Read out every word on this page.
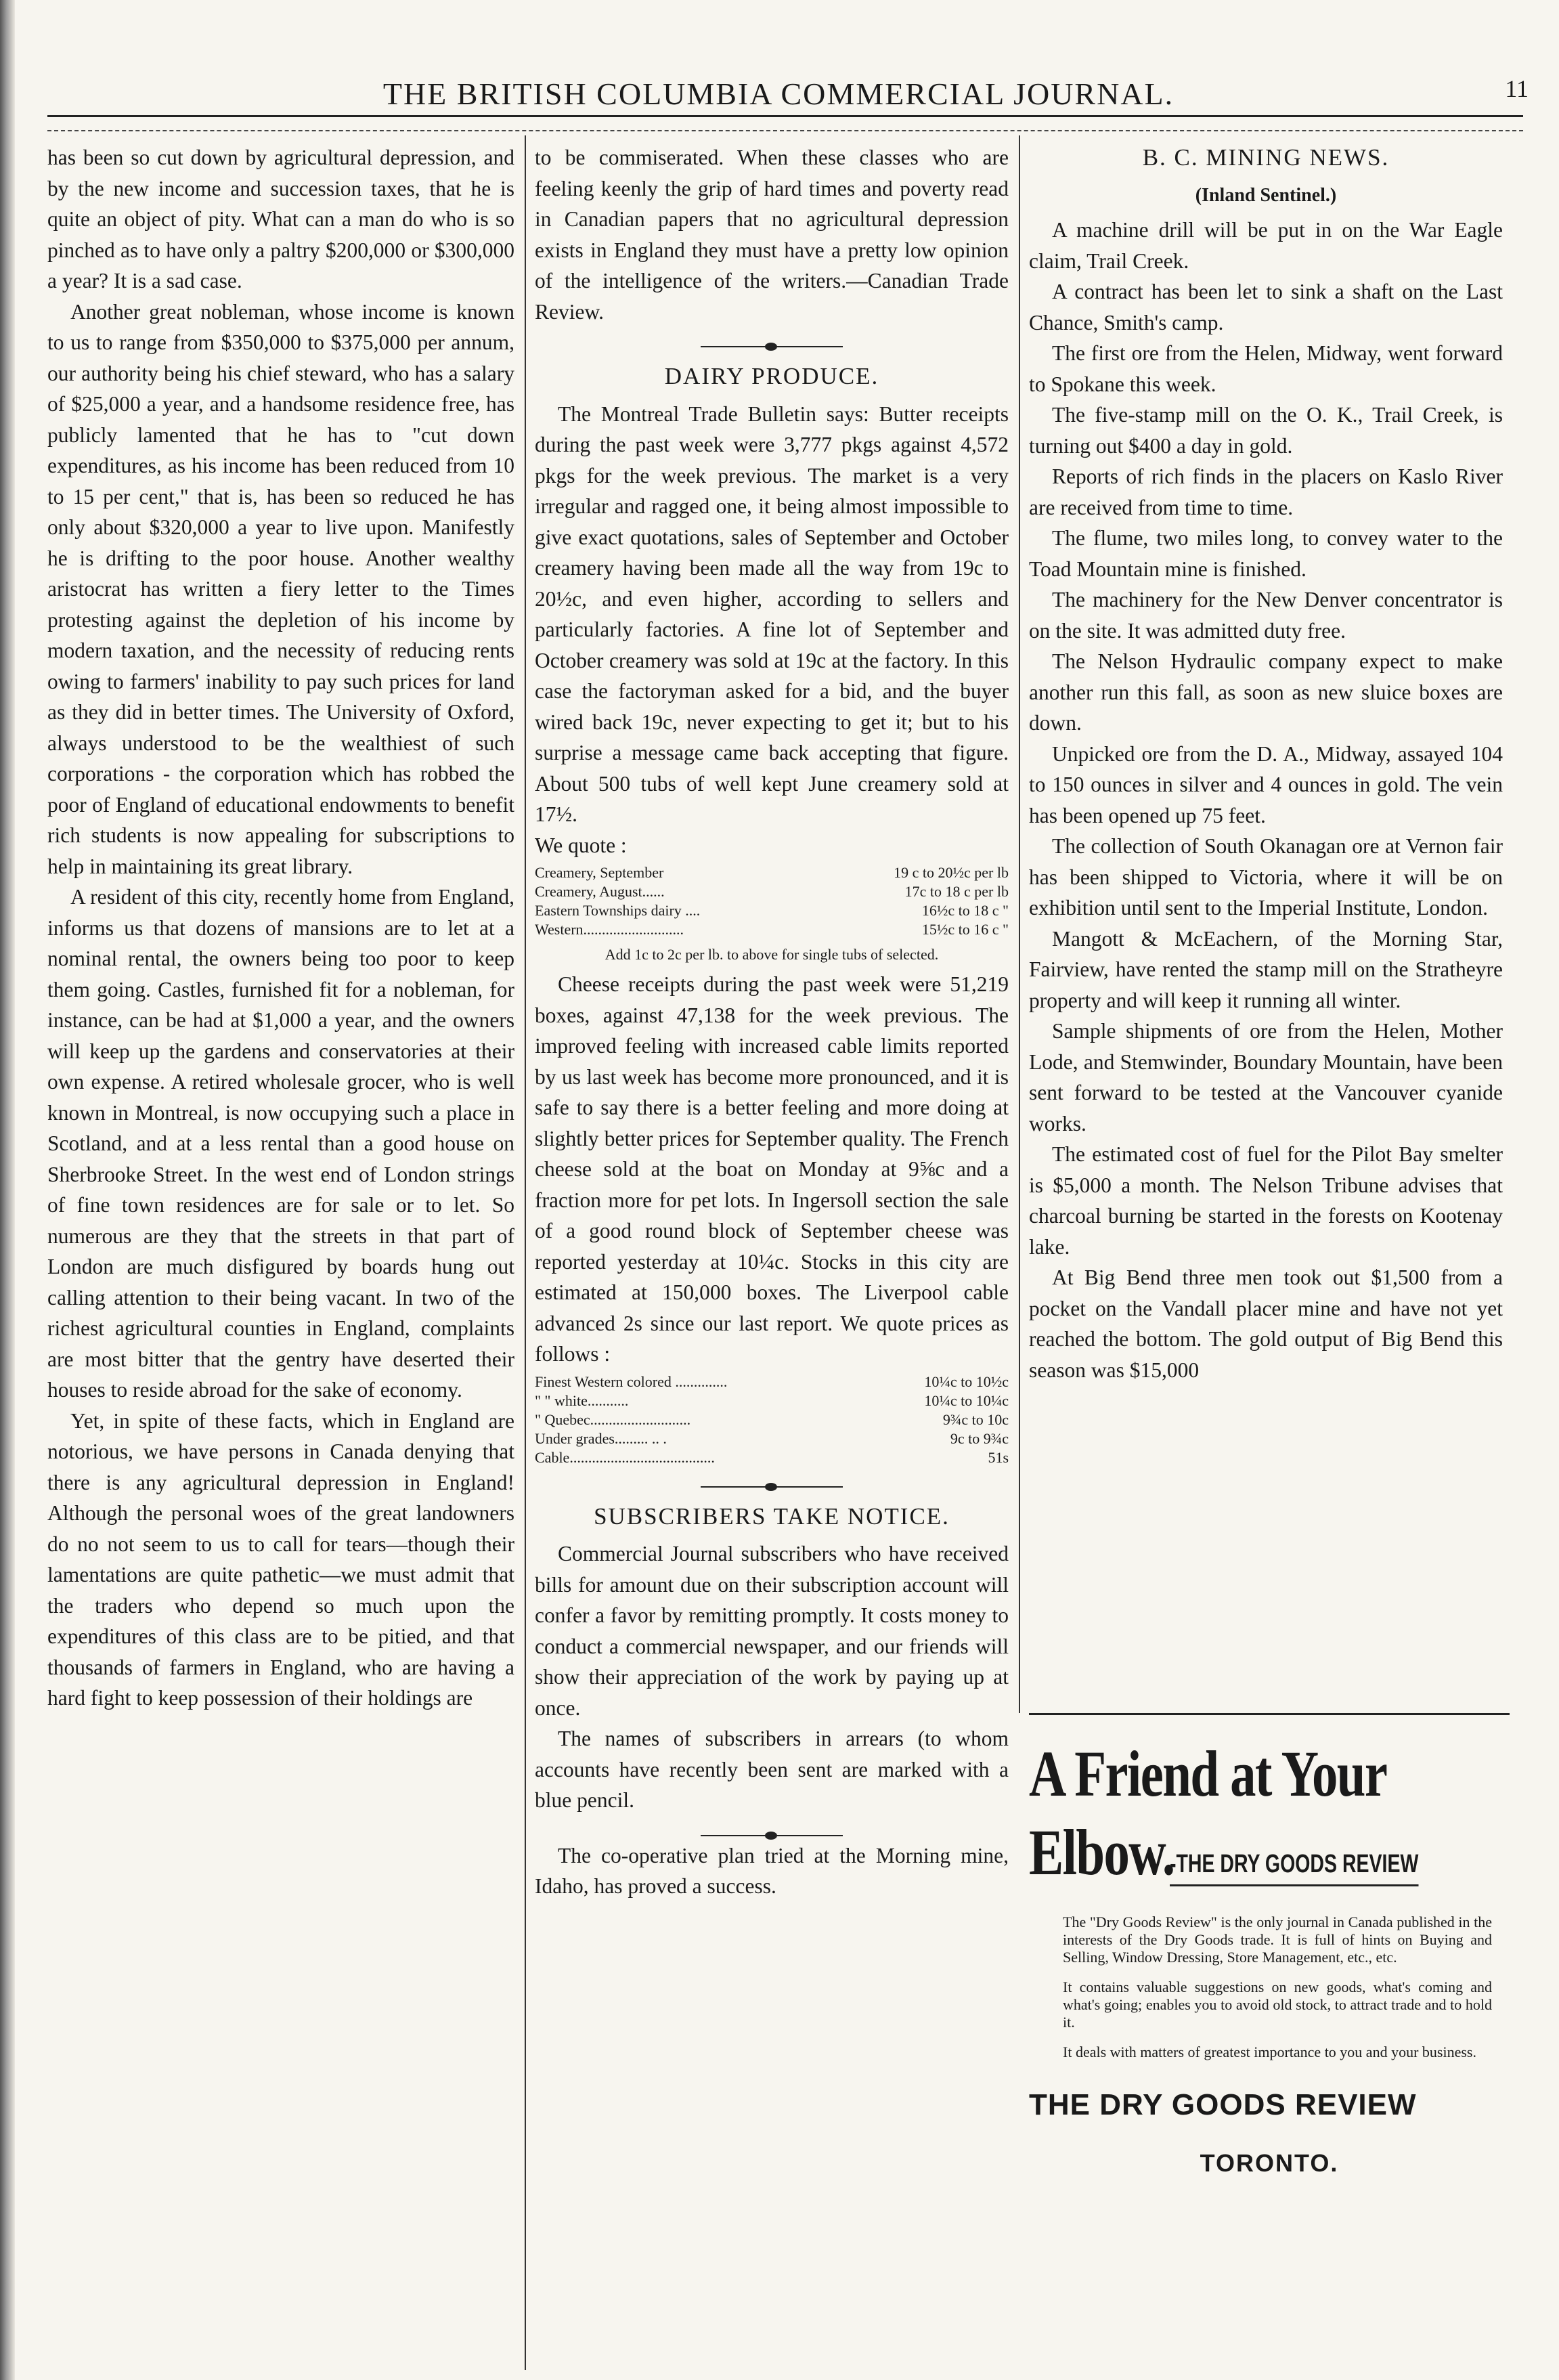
THE BRITISH COLUMBIA COMMERCIAL JOURNAL.	11

has been so cut down by agricultural depression, and by the new income and succession taxes, that he is quite an object of pity. What can a man do who is so pinched as to have only a paltry $200,000 or $300,000 a year? It is a sad case.

Another great nobleman, whose income is known to us to range from $350,000 to $375,000 per annum, our authority being his chief steward, who has a salary of $25,000 a year, and a handsome residence free, has publicly lamented that he has to "cut down expenditures, as his income has been reduced from 10 to 15 per cent," that is, has been so reduced he has only about $320,000 a year to live upon. Manifestly he is drifting to the poor house. Another wealthy aristocrat has written a fiery letter to the Times protesting against the depletion of his income by modern taxation, and the necessity of reducing rents owing to farmers' inability to pay such prices for land as they did in better times. The University of Oxford, always understood to be the wealthiest of such corporations - the corporation which has robbed the poor of England of educational endowments to benefit rich students is now appealing for subscriptions to help in maintaining its great library.

A resident of this city, recently home from England, informs us that dozens of mansions are to let at a nominal rental, the owners being too poor to keep them going. Castles, furnished fit for a nobleman, for instance, can be had at $1,000 a year, and the owners will keep up the gardens and conservatories at their own expense. A retired wholesale grocer, who is well known in Montreal, is now occupying such a place in Scotland, and at a less rental than a good house on Sherbrooke Street. In the west end of London strings of fine town residences are for sale or to let. So numerous are they that the streets in that part of London are much disfigured by boards hung out calling attention to their being vacant. In two of the richest agricultural counties in England, complaints are most bitter that the gentry have deserted their houses to reside abroad for the sake of economy.

Yet, in spite of these facts, which in England are notorious, we have persons in Canada denying that there is any agricultural depression in England! Although the personal woes of the great landowners do no not seem to us to call for tears—though their lamentations are quite pathetic—we must admit that the traders who depend so much upon the expenditures of this class are to be pitied, and that thousands of farmers in England, who are having a hard fight to keep possession of their holdings are

to be commiserated. When these classes who are feeling keenly the grip of hard times and poverty read in Canadian papers that no agricultural depression exists in England they must have a pretty low opinion of the intelligence of the writers.—Canadian Trade Review.

DAIRY PRODUCE.

The Montreal Trade Bulletin says: Butter receipts during the past week were 3,777 pkgs against 4,572 pkgs for the week previous. The market is a very irregular and ragged one, it being almost impossible to give exact quotations, sales of September and October creamery having been made all the way from 19c to 20½c, and even higher, according to sellers and particularly factories. A fine lot of September and October creamery was sold at 19c at the factory. In this case the factoryman asked for a bid, and the buyer wired back 19c, never expecting to get it; but to his surprise a message came back accepting that figure. About 500 tubs of well kept June creamery sold at 17½.

We quote :

Creamery, September	19 c to 20½c per lb
Creamery, August......	17c to 18 c per lb
Eastern Townships dairy ....	16½c to 18 c "
Western...........................	15½c to 16 c "
Add 1c to 2c per lb. to above for single tubs of selected.

Cheese receipts during the past week were 51,219 boxes, against 47,138 for the week previous. The improved feeling with increased cable limits reported by us last week has become more pronounced, and it is safe to say there is a better feeling and more doing at slightly better prices for September quality. The French cheese sold at the boat on Monday at 9⅝c and a fraction more for pet lots. In Ingersoll section the sale of a good round block of September cheese was reported yesterday at 10¼c. Stocks in this city are estimated at 150,000 boxes. The Liverpool cable advanced 2s since our last report. We quote prices as follows :

Finest Western colored ..............	10¼c to 10½c
" " white...........	10¼c to 10¼c
" Quebec...........................	9¾c to 10c
Under grades......... .. .	9c to 9¾c
Cable.......................................	51s
SUBSCRIBERS TAKE NOTICE.

Commercial Journal subscribers who have received bills for amount due on their subscription account will confer a favor by remitting promptly. It costs money to conduct a commercial newspaper, and our friends will show their appreciation of the work by paying up at once.

The names of subscribers in arrears (to whom accounts have recently been sent are marked with a blue pencil.

The co-operative plan tried at the Morning mine, Idaho, has proved a success.

B. C. MINING NEWS.
(Inland Sentinel.)

A machine drill will be put in on the War Eagle claim, Trail Creek.

A contract has been let to sink a shaft on the Last Chance, Smith's camp.

The first ore from the Helen, Midway, went forward to Spokane this week.

The five-stamp mill on the O. K., Trail Creek, is turning out $400 a day in gold.

Reports of rich finds in the placers on Kaslo River are received from time to time.

The flume, two miles long, to convey water to the Toad Mountain mine is finished.

The machinery for the New Denver concentrator is on the site. It was admitted duty free.

The Nelson Hydraulic company expect to make another run this fall, as soon as new sluice boxes are down.

Unpicked ore from the D. A., Midway, assayed 104 to 150 ounces in silver and 4 ounces in gold. The vein has been opened up 75 feet.

The collection of South Okanagan ore at Vernon fair has been shipped to Victoria, where it will be on exhibition until sent to the Imperial Institute, London.

Mangott & McEachern, of the Morning Star, Fairview, have rented the stamp mill on the Stratheyre property and will keep it running all winter.

Sample shipments of ore from the Helen, Mother Lode, and Stemwinder, Boundary Mountain, have been sent forward to be tested at the Vancouver cyanide works.

The estimated cost of fuel for the Pilot Bay smelter is $5,000 a month. The Nelson Tribune advises that charcoal burning be started in the forests on Kootenay lake.

At Big Bend three men took out $1,500 from a pocket on the Vandall placer mine and have not yet reached the bottom. The gold output of Big Bend this season was $15,000

A Friend at Your
Elbow.
-THE DRY GOODS REVIEW

The "Dry Goods Review" is the only journal in Canada published in the interests of the Dry Goods trade. It is full of hints on Buying and Selling, Window Dressing, Store Management, etc., etc.

It contains valuable suggestions on new goods, what's coming and what's going; enables you to avoid old stock, to attract trade and to hold it.

It deals with matters of greatest importance to you and your business.

THE DRY GOODS REVIEW
TORONTO.
